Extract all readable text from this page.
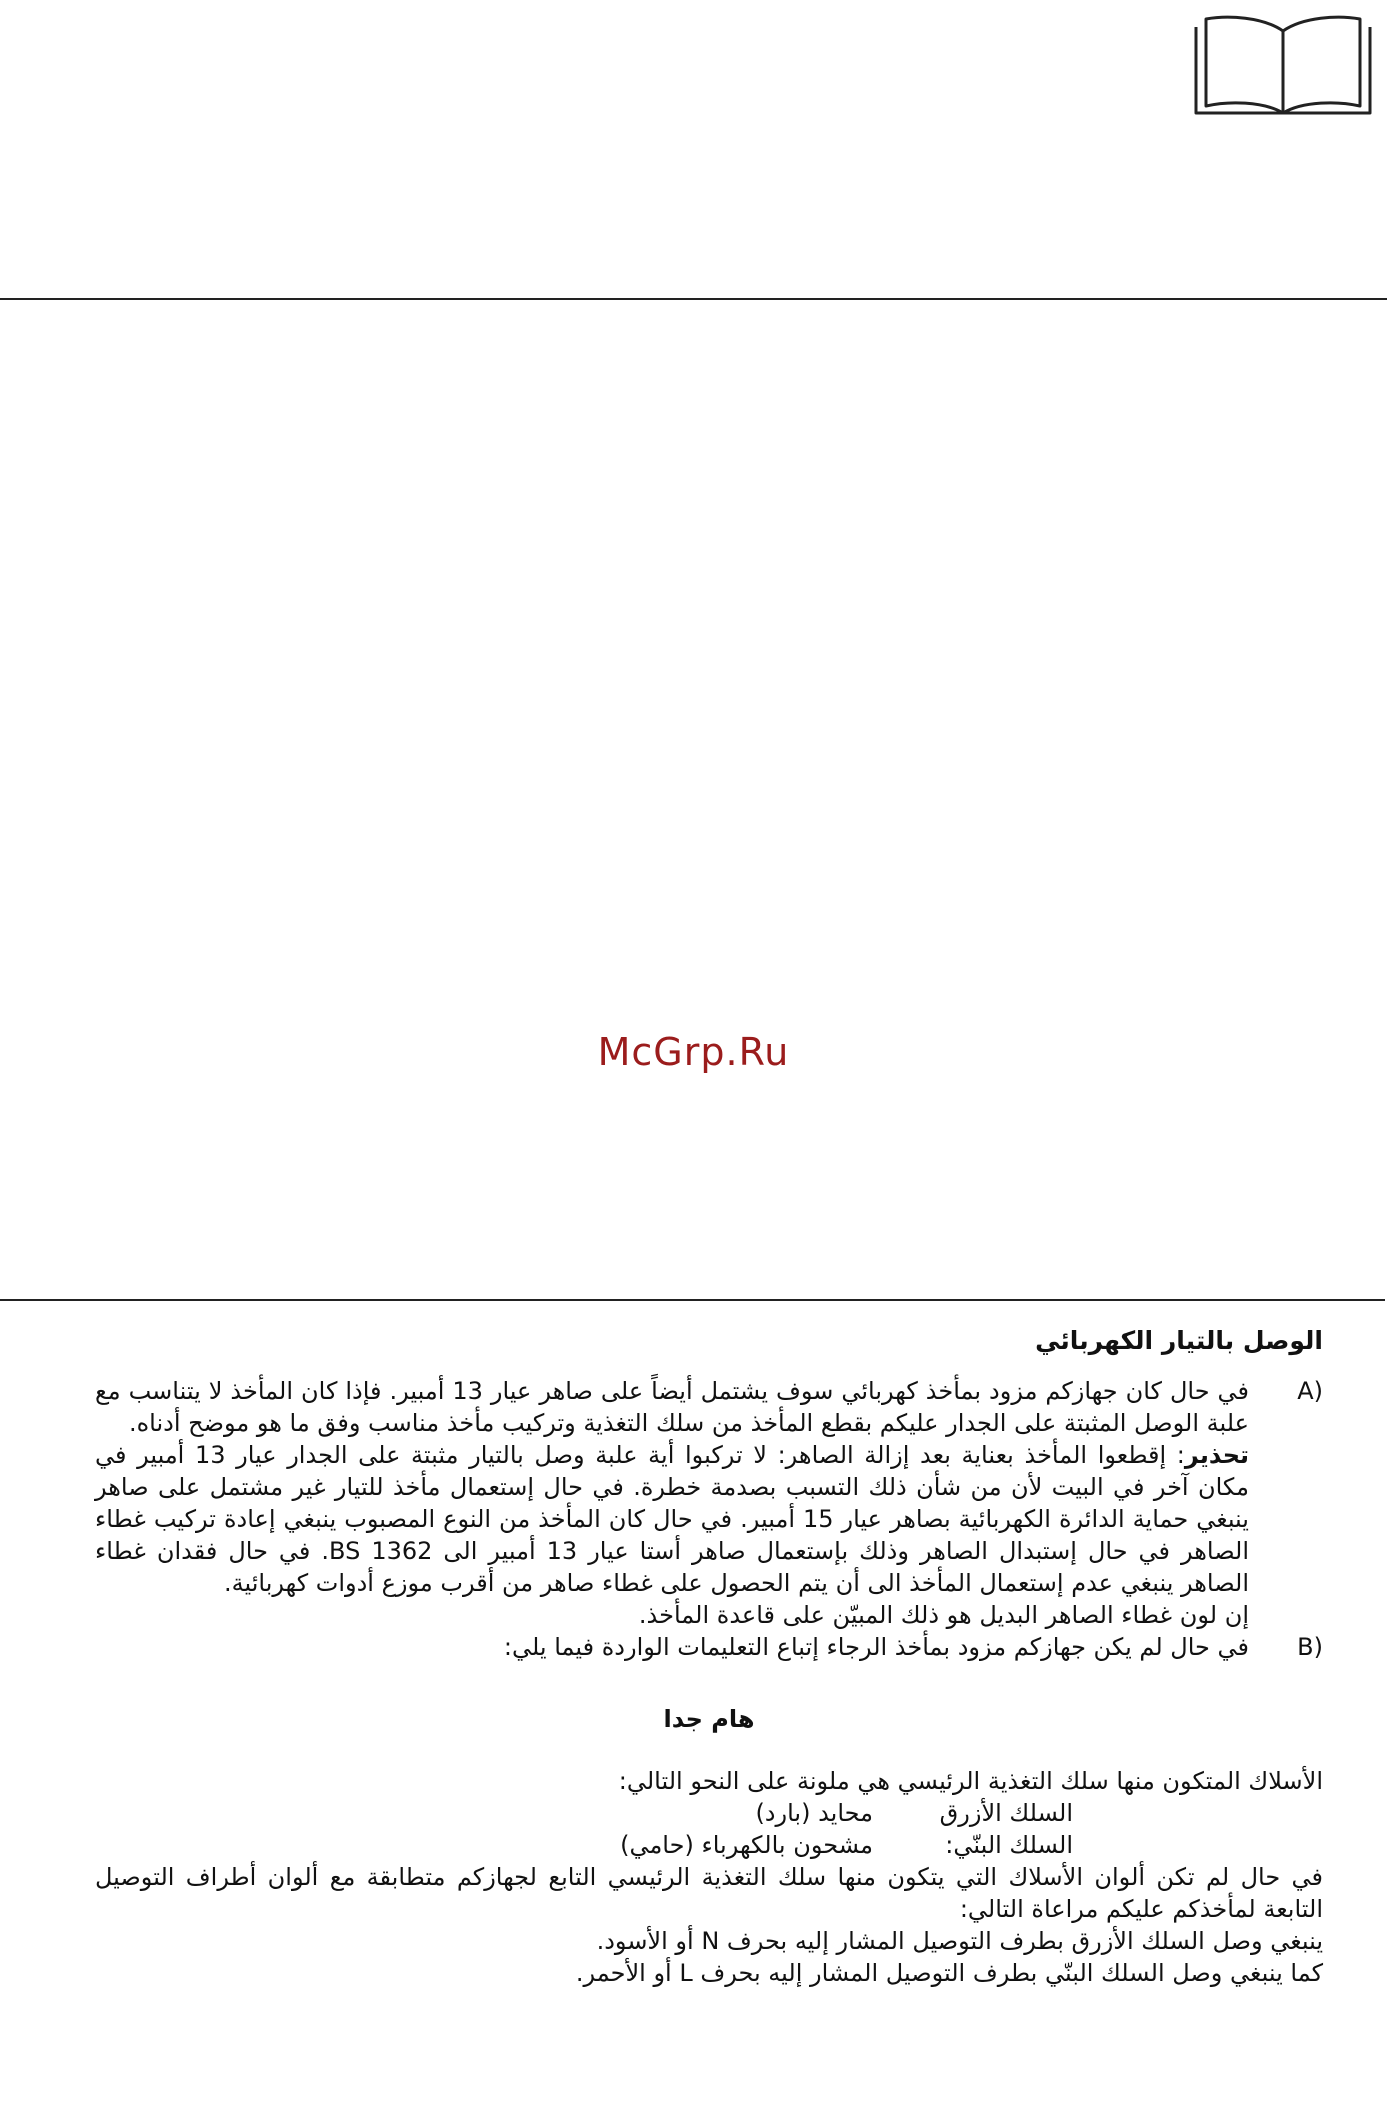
McGrp.Ru

الوصل بالتيار الكهربائي

A)

في حال كان جهازكم مزود بمأخذ كهربائي سوف يشتمل أيضاً على صاهر عيار 13 أمبير. فإذا كان المأخذ لا يتناسب مع علبة الوصل المثبتة على الجدار عليكم بقطع المأخذ من سلك التغذية وتركيب مأخذ مناسب وفق ما هو موضح أدناه.

تحذير: إقطعوا المأخذ بعناية بعد إزالة الصاهر: لا تركبوا أية علبة وصل بالتيار مثبتة على الجدار عيار 13 أمبير في مكان آخر في البيت لأن من شأن ذلك التسبب بصدمة خطرة. في حال إستعمال مأخذ للتيار غير مشتمل على صاهر ينبغي حماية الدائرة الكهربائية بصاهر عيار 15 أمبير. في حال كان المأخذ من النوع المصبوب ينبغي إعادة تركيب غطاء الصاهر في حال إستبدال الصاهر وذلك بإستعمال صاهر أستا عيار 13 أمبير الى BS 1362. في حال فقدان غطاء الصاهر ينبغي عدم إستعمال المأخذ الى أن يتم الحصول على غطاء صاهر من أقرب موزع أدوات كهربائية.

إن لون غطاء الصاهر البديل هو ذلك المبيّن على قاعدة المأخذ.

B)

في حال لم يكن جهازكم مزود بمأخذ الرجاء إتباع التعليمات الواردة فيما يلي:

هام جدا

الأسلاك المتكون منها سلك التغذية الرئيسي هي ملونة على النحو التالي:

السلك الأزرق
محايد (بارد)
السلك البنّي:
مشحون بالكهرباء (حامي)

في حال لم تكن ألوان الأسلاك التي يتكون منها سلك التغذية الرئيسي التابع لجهازكم متطابقة مع ألوان أطراف التوصيل التابعة لمأخذكم عليكم مراعاة التالي:

ينبغي وصل السلك الأزرق بطرف التوصيل المشار إليه بحرف N أو الأسود.

كما ينبغي وصل السلك البنّي بطرف التوصيل المشار إليه بحرف L أو الأحمر.
